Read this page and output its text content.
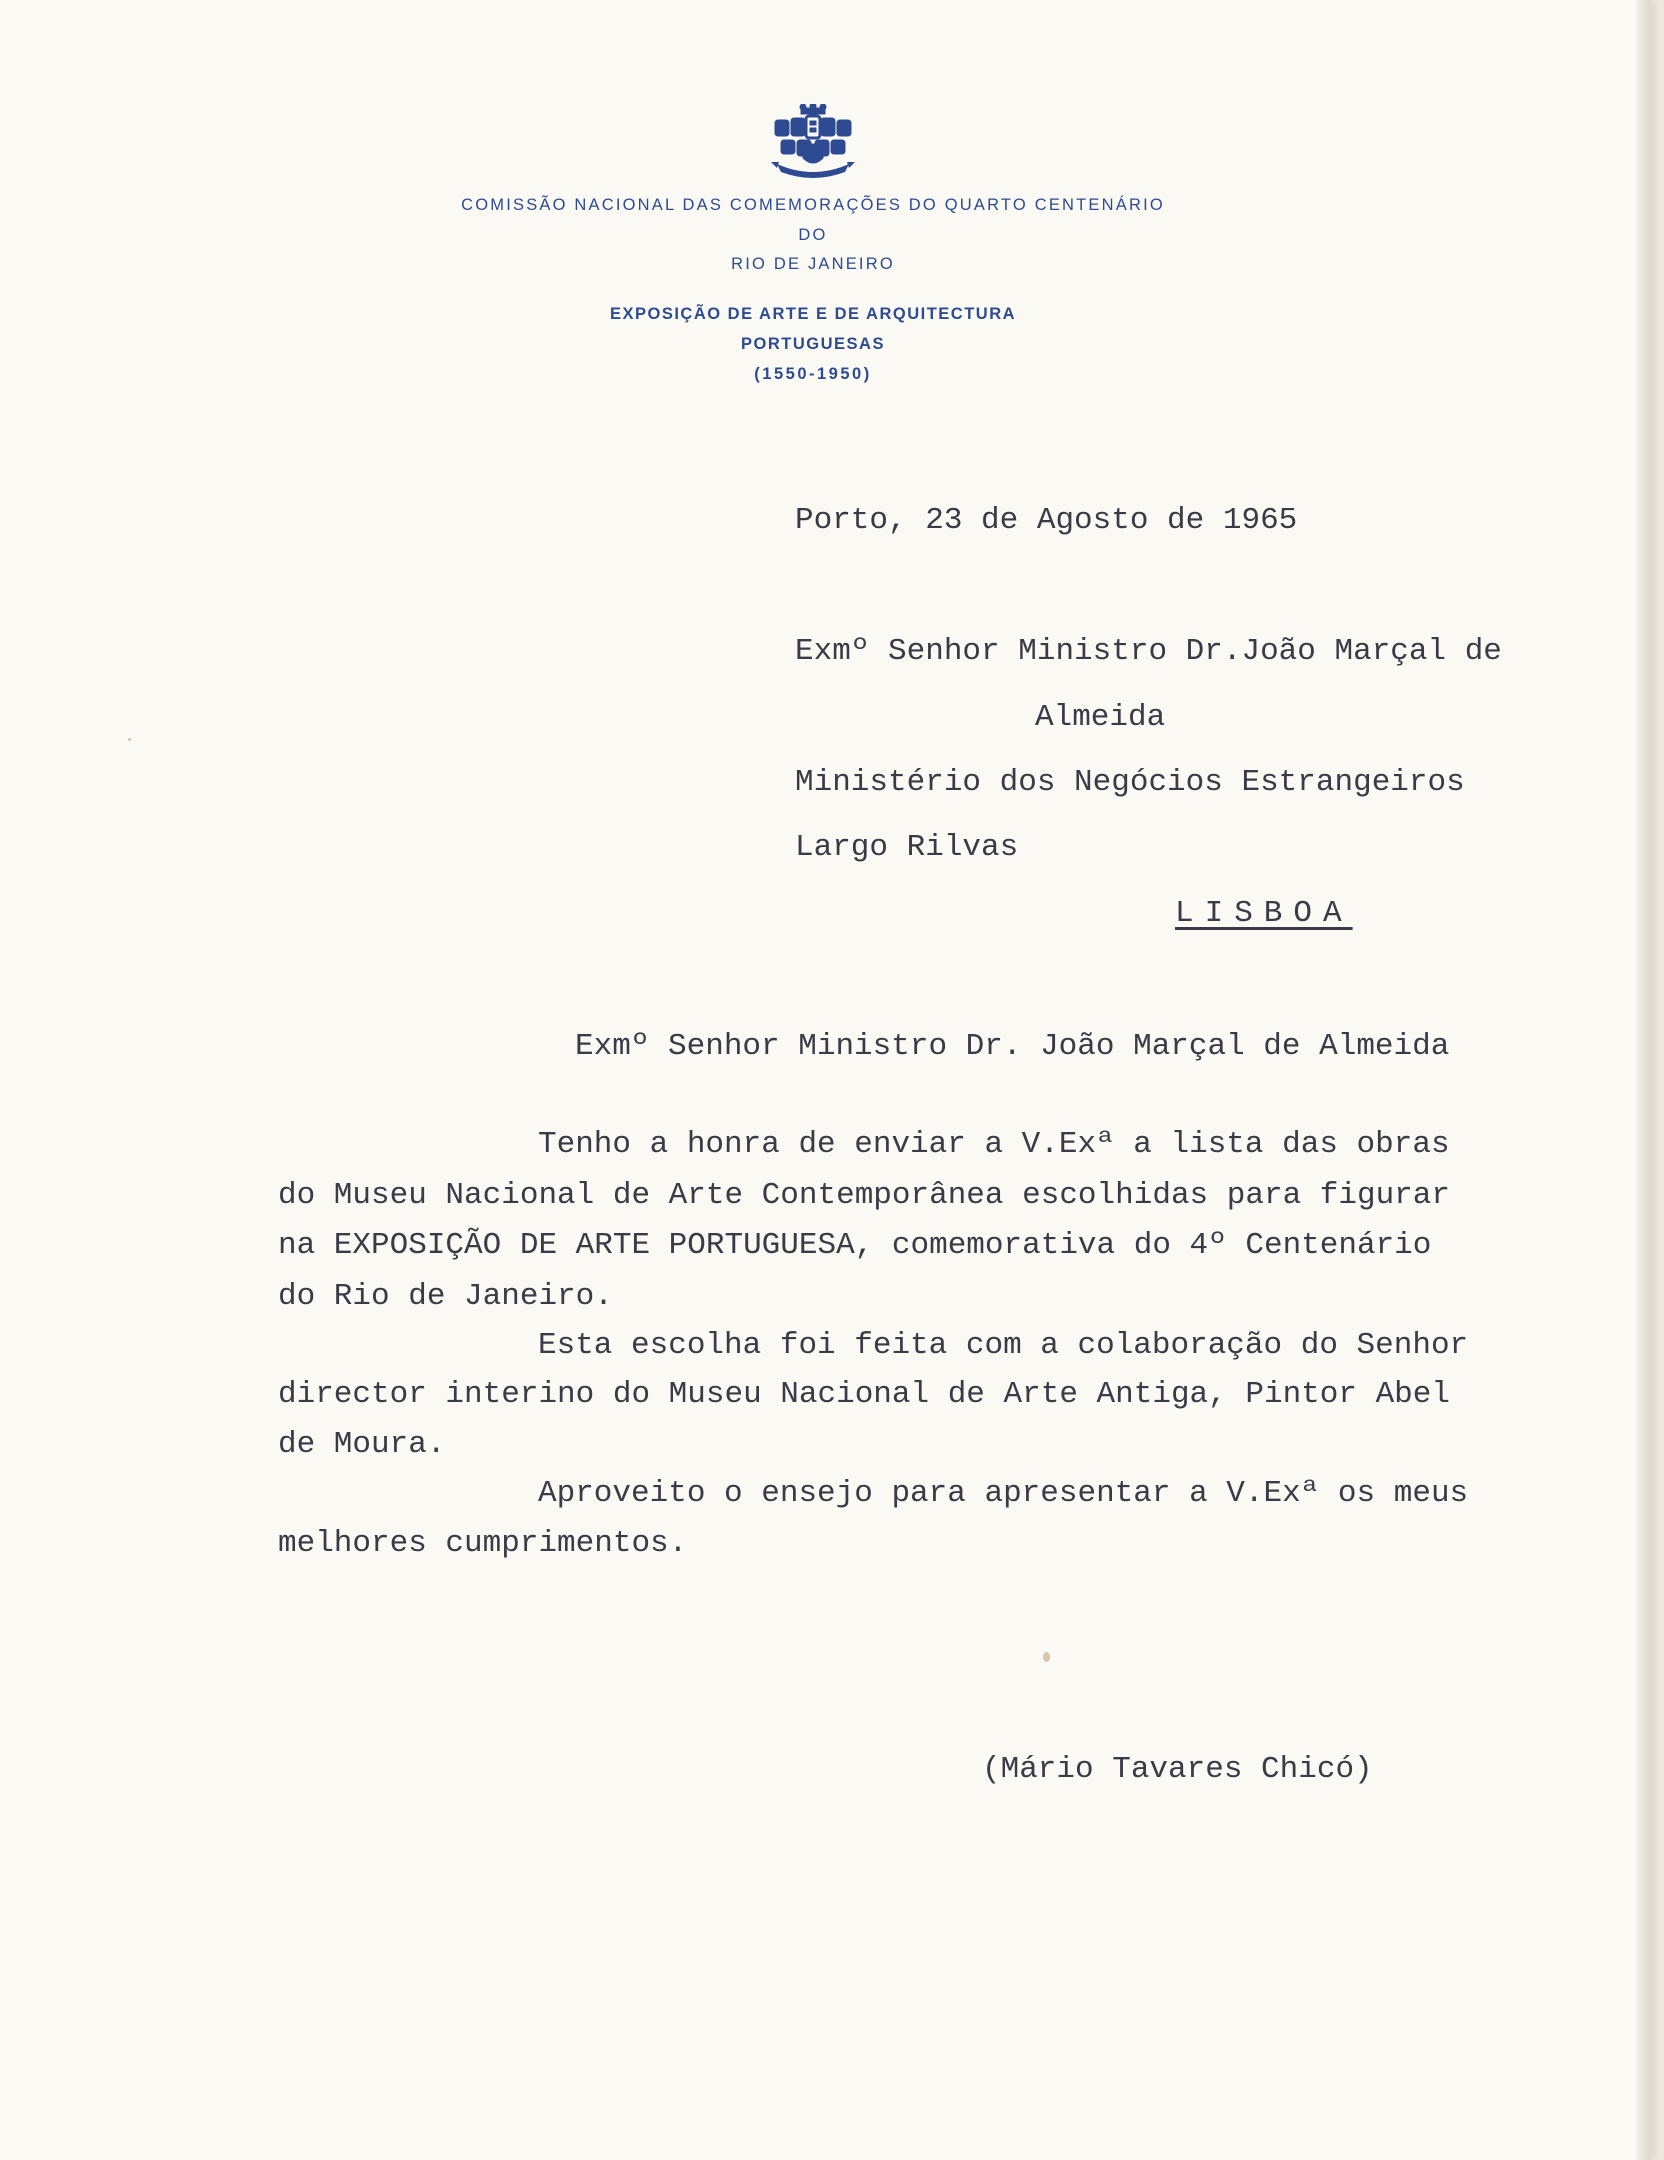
COMISSÃO NACIONAL DAS COMEMORAÇÕES DO QUARTO CENTENÁRIO
DO
RIO DE JANEIRO
EXPOSIÇÃO DE ARTE E DE ARQUITECTURA
PORTUGUESAS
(1550-1950)
Porto, 23 de Agosto de 1965
Exmº Senhor Ministro Dr.João Marçal de
Almeida
Ministério dos Negócios Estrangeiros
Largo Rilvas
LISBOA
Exmº Senhor Ministro Dr. João Marçal de Almeida
Tenho a honra de enviar a V.Exª a lista das obras
do Museu Nacional de Arte Contemporânea escolhidas para figurar
na EXPOSIÇÃO DE ARTE PORTUGUESA, comemorativa do 4º Centenário
do Rio de Janeiro.
Esta escolha foi feita com a colaboração do Senhor
director interino do Museu Nacional de Arte Antiga, Pintor Abel
de Moura.
Aproveito o ensejo para apresentar a V.Exª os meus
melhores cumprimentos.
(Mário Tavares Chicó)
